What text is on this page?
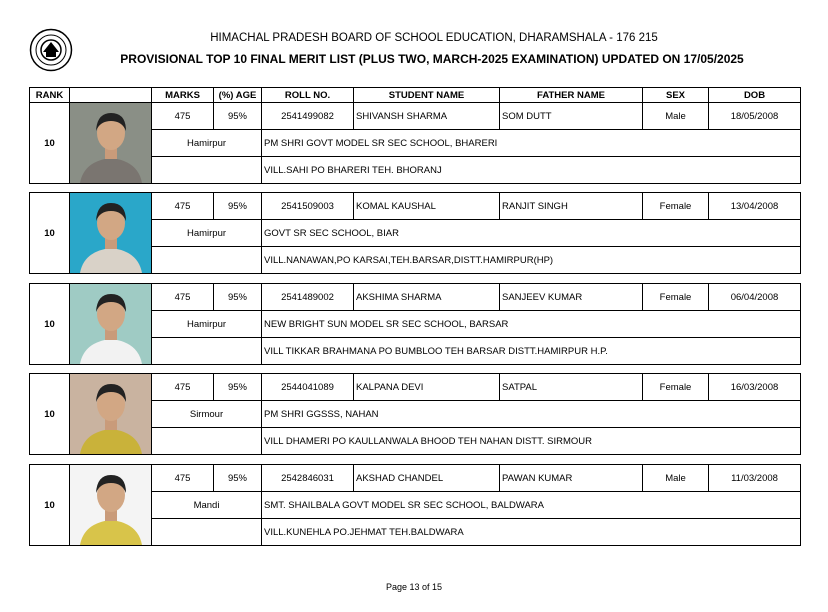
HIMACHAL PRADESH BOARD OF SCHOOL EDUCATION, DHARAMSHALA - 176 215
PROVISIONAL TOP 10 FINAL MERIT LIST (PLUS TWO, MARCH-2025 EXAMINATION) UPDATED ON 17/05/2025
RANK		MARKS	(%) AGE	ROLL NO.	STUDENT NAME	FATHER NAME	SEX	DOB
10		475	95%	2541499082	SHIVANSH SHARMA	SOM DUTT	Male	18/05/2008
		Hamirpur		PM SHRI GOVT MODEL SR SEC SCHOOL, BHARERI				
				VILL.SAHI PO BHARERI TEH. BHORANJ				
10		475	95%	2541509003	KOMAL KAUSHAL	RANJIT SINGH	Female	13/04/2008
		Hamirpur		GOVT SR SEC SCHOOL, BIAR				
				VILL.NANAWAN,PO KARSAI,TEH.BARSAR,DISTT.HAMIRPUR(HP)				
10		475	95%	2541489002	AKSHIMA SHARMA	SANJEEV KUMAR	Female	06/04/2008
		Hamirpur		NEW BRIGHT SUN MODEL SR SEC SCHOOL, BARSAR				
				VILL TIKKAR BRAHMANA PO BUMBLOO TEH BARSAR DISTT.HAMIRPUR H.P.				
10		475	95%	2544041089	KALPANA DEVI	SATPAL	Female	16/03/2008
		Sirmour		PM SHRI GGSSS, NAHAN				
				VILL DHAMERI PO KAULLANWALA BHOOD TEH NAHAN DISTT. SIRMOUR				
10		475	95%	2542846031	AKSHAD CHANDEL	PAWAN KUMAR	Male	11/03/2008
		Mandi		SMT. SHAILBALA GOVT MODEL SR SEC SCHOOL, BALDWARA				
				VILL.KUNEHLA PO.JEHMAT TEH.BALDWARA				
Page 13 of 15
